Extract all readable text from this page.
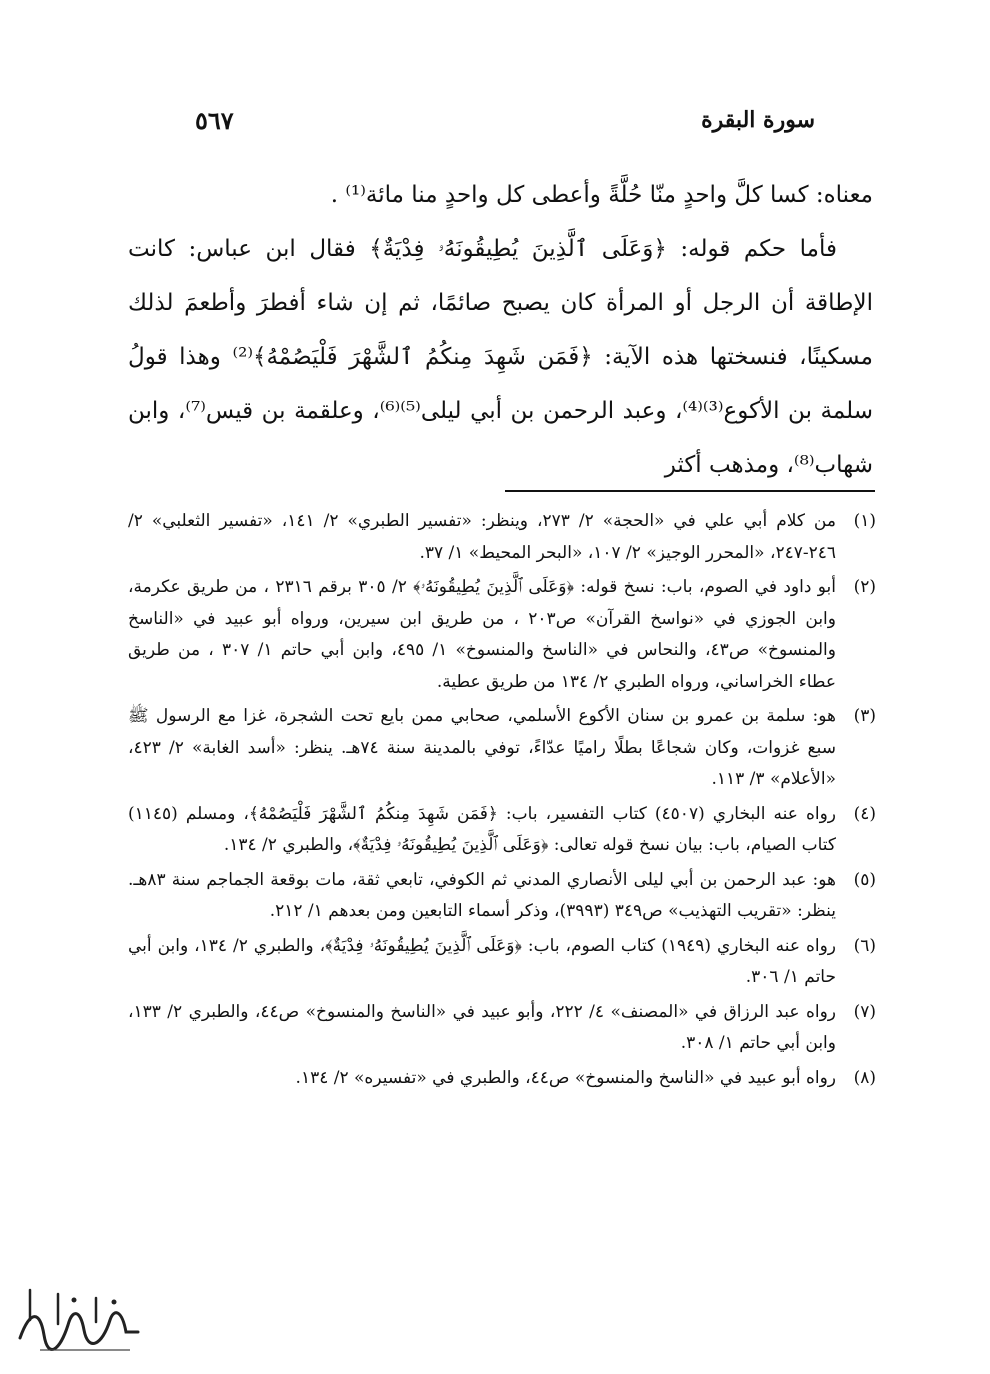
٥٦٧	سورة البقرة

معناه: كسا كلَّ واحدٍ منّا حُلَّةً وأعطى كل واحدٍ منا مائة⁽¹⁾ .

فأما حكم قوله: ﴿وَعَلَى ٱلَّذِينَ يُطِيقُونَهُۥ فِدْيَةٌ﴾ فقال ابن عباس: كانت الإطاقة أن الرجل أو المرأة كان يصبح صائمًا، ثم إن شاء أفطرَ وأطعمَ لذلك مسكينًا، فنسختها هذه الآية: ﴿فَمَن شَهِدَ مِنكُمُ ٱلشَّهْرَ فَلْيَصُمْهُ﴾⁽²⁾ وهذا قولُ سلمة بن الأكوع⁽³⁾⁽⁴⁾، وعبد الرحمن بن أبي ليلى⁽⁵⁾⁽⁶⁾، وعلقمة بن قيس⁽⁷⁾، وابن شهاب⁽⁸⁾، ومذهب أكثر

(١)
من كلام أبي علي في «الحجة» ٢/ ٢٧٣، وينظر: «تفسير الطبري» ٢/ ١٤١، «تفسير الثعلبي» ٢/ ٢٤٦-٢٤٧، «المحرر الوجيز» ٢/ ١٠٧، «البحر المحيط» ١/ ٣٧.
(٢)
أبو داود في الصوم، باب: نسخ قوله: ﴿وَعَلَى ٱلَّذِينَ يُطِيقُونَهُۥ﴾ ٢/ ٣٠٥ برقم ٢٣١٦ ، من طريق عكرمة، وابن الجوزي في «نواسخ القرآن» ص٢٠٣ ، من طريق ابن سيرين، ورواه أبو عبيد في «الناسخ والمنسوخ» ص٤٣، والنحاس في «الناسخ والمنسوخ» ١/ ٤٩٥، وابن أبي حاتم ١/ ٣٠٧ ، من طريق عطاء الخراساني، ورواه الطبري ٢/ ١٣٤ من طريق عطية.
(٣)
هو: سلمة بن عمرو بن سنان الأكوع الأسلمي، صحابي ممن بايع تحت الشجرة، غزا مع الرسول ﷺ سبع غزوات، وكان شجاعًا بطلًا راميًا عدّاءً، توفي بالمدينة سنة ٧٤هـ. ينظر: «أسد الغابة» ٢/ ٤٢٣، «الأعلام» ٣/ ١١٣.
(٤)
رواه عنه البخاري (٤٥٠٧) كتاب التفسير، باب: ﴿فَمَن شَهِدَ مِنكُمُ ٱلشَّهْرَ فَلْيَصُمْهُ﴾، ومسلم (١١٤٥) كتاب الصيام، باب: بيان نسخ قوله تعالى: ﴿وَعَلَى ٱلَّذِينَ يُطِيقُونَهُۥ فِدْيَةٌ﴾، والطبري ٢/ ١٣٤.
(٥)
هو: عبد الرحمن بن أبي ليلى الأنصاري المدني ثم الكوفي، تابعي ثقة، مات بوقعة الجماجم سنة ٨٣هـ. ينظر: «تقريب التهذيب» ص٣٤٩ (٣٩٩٣)، وذكر أسماء التابعين ومن بعدهم ١/ ٢١٢.
(٦)
رواه عنه البخاري (١٩٤٩) كتاب الصوم، باب: ﴿وَعَلَى ٱلَّذِينَ يُطِيقُونَهُۥ فِدْيَةٌ﴾، والطبري ٢/ ١٣٤، وابن أبي حاتم ١/ ٣٠٦.
(٧)
رواه عبد الرزاق في «المصنف» ٤/ ٢٢٢، وأبو عبيد في «الناسخ والمنسوخ» ص٤٤، والطبري ٢/ ١٣٣، وابن أبي حاتم ١/ ٣٠٨.
(٨)
رواه أبو عبيد في «الناسخ والمنسوخ» ص٤٤، والطبري في «تفسيره» ٢/ ١٣٤.
